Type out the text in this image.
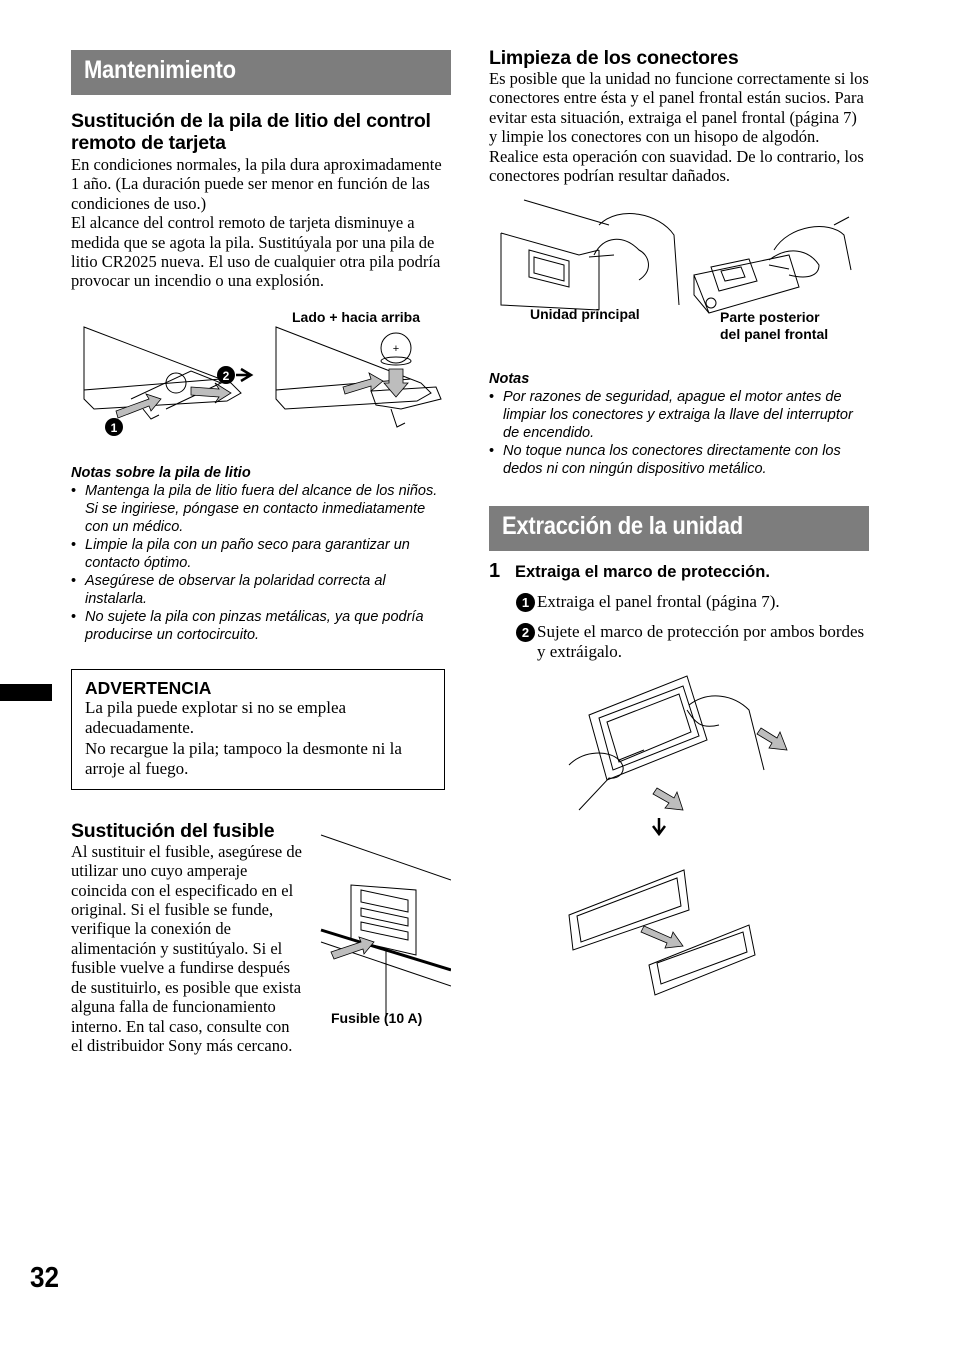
Mantenimiento
Sustitución de la pila de litio del control remoto de tarjeta

En condiciones normales, la pila dura aproximadamente 1 año. (La duración puede ser menor en función de las condiciones de uso.)

El alcance del control remoto de tarjeta disminuye a medida que se agota la pila. Sustitúyala por una pila de litio CR2025 nueva. El uso de cualquier otra pila podría provocar un incendio o una explosión.

Lado + hacia arriba
+
2
1
Notas sobre la pila de litio
• Mantenga la pila de litio fuera del alcance de los niños. Si se ingiriese, póngase en contacto inmediatamente con un médico.
• Limpie la pila con un paño seco para garantizar un contacto óptimo.
• Asegúrese de observar la polaridad correcta al instalarla.
• No sujete la pila con pinzas metálicas, ya que podría producirse un cortocircuito.
ADVERTENCIA

La pila puede explotar si no se emplea adecuadamente.

No recargue la pila; tampoco la desmonte ni la arroje al fuego.

Sustitución del fusible

Al sustituir el fusible, asegúrese de utilizar uno cuyo amperaje coincida con el especificado en el original. Si el fusible se funde, verifique la conexión de alimentación y sustitúyalo. Si el fusible vuelve a fundirse después de sustituirlo, es posible que exista alguna falla de funcionamiento interno. En tal caso, consulte con el distribuidor Sony más cercano.

Fusible (10 A)
Limpieza de los conectores

Es posible que la unidad no funcione correctamente si los conectores entre ésta y el panel frontal están sucios. Para evitar esta situación, extraiga el panel frontal (página 7) y limpie los conectores con un hisopo de algodón. Realice esta operación con suavidad. De lo contrario, los conectores podrían resultar dañados.

Unidad principal	Parte posterior
del panel frontal
Notas
• Por razones de seguridad, apague el motor antes de limpiar los conectores y extraiga la llave del interruptor de encendido.
• No toque nunca los conectores directamente con los dedos ni con ningún dispositivo metálico.
Extracción de la unidad
1 Extraiga el marco de protección.
1 Extraiga el panel frontal (página 7).
2 Sujete el marco de protección por ambos bordes y extráigalo.
32
